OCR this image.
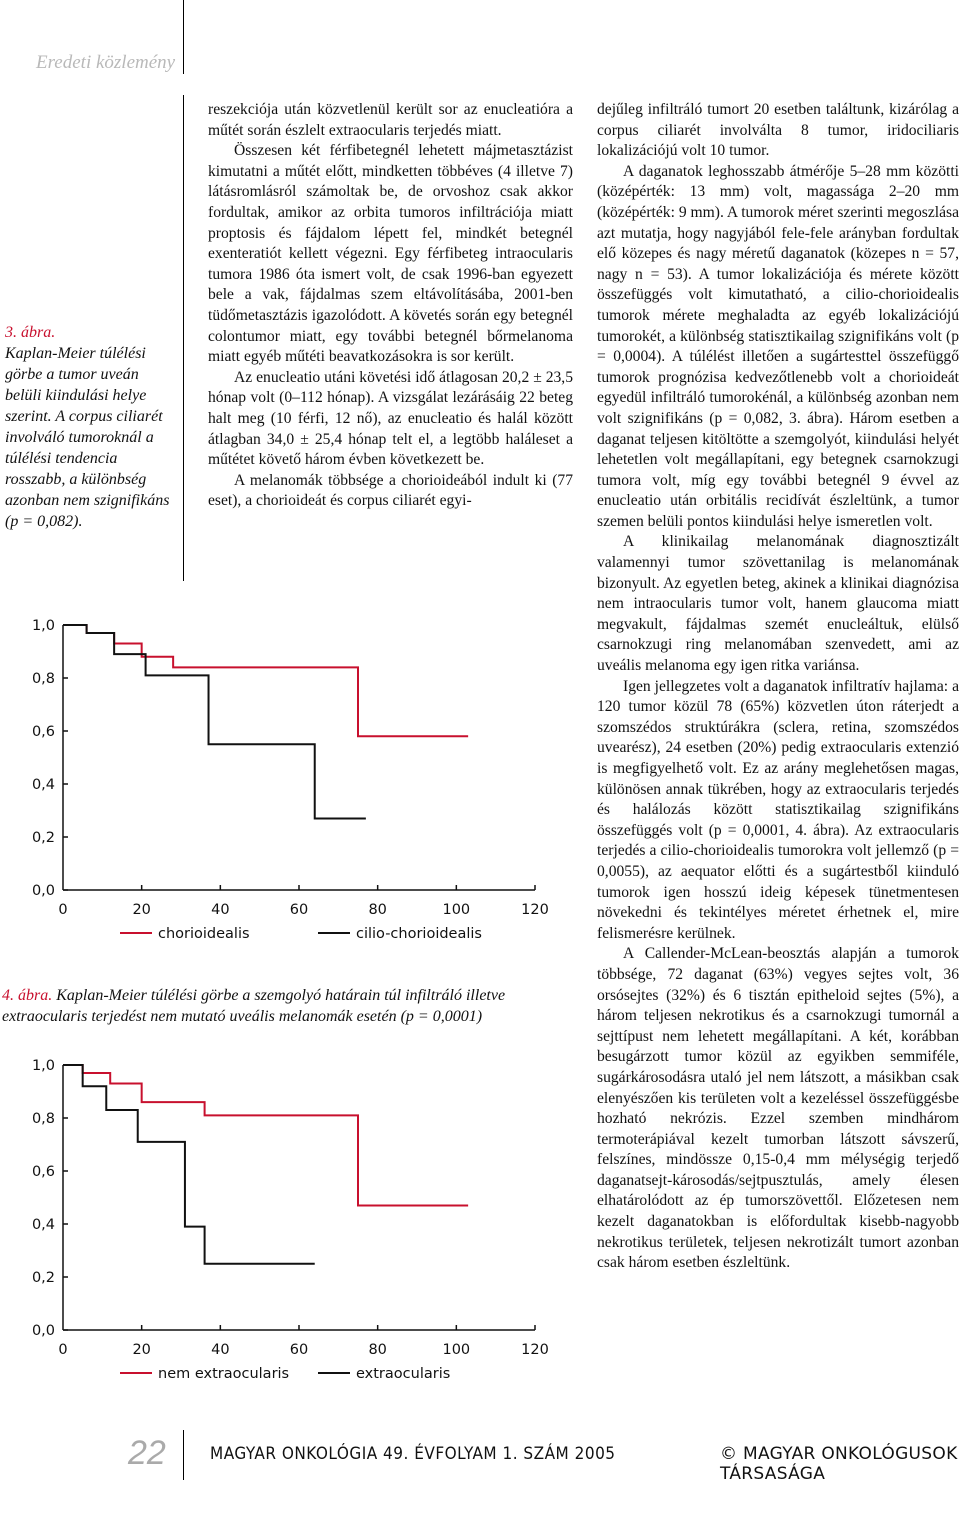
Eredeti közlemény
3. ábra.
Kaplan-Meier túlélési görbe a tumor uveán belüli kiindulási helye szerint. A corpus ciliarét involváló tumoroknál a túlélési tendencia rosszabb, a különbség azonban nem szignifikáns (p = 0,082).

reszekciója után közvetlenül került sor az enucleatióra a műtét során észlelt extraocularis terjedés miatt.

Összesen két férfibetegnél lehetett májmetasztázist kimutatni a műtét előtt, mindketten többéves (4 illetve 7) látásromlásról számoltak be, de orvoshoz csak akkor fordultak, amikor az orbita tumoros infiltrációja miatt proptosis és fájdalom lépett fel, mindkét betegnél exenteratiót kellett végezni. Egy férfibeteg intraocularis tumora 1986 óta ismert volt, de csak 1996-ban egyezett bele a vak, fájdalmas szem eltávolításába, 2001-ben tüdőmetasztázis igazolódott. A követés során egy betegnél colontumor miatt, egy további betegnél bőrmelanoma miatt egyéb műtéti beavatkozásokra is sor került.

Az enucleatio utáni követési idő átlagosan 20,2 ± 23,5 hónap volt (0–112 hónap). A vizsgálat lezárásáig 22 beteg halt meg (10 férfi, 12 nő), az enucleatio és halál között átlagban 34,0 ± 25,4 hónap telt el, a legtöbb haláleset a műtétet követő három évben következett be.

A melanomák többsége a chorioideából indult ki (77 eset), a chorioideát és corpus ciliarét egyi-

dejűleg infiltráló tumort 20 esetben találtunk, kizárólag a corpus ciliarét involválta 8 tumor, iridociliaris lokalizációjú volt 10 tumor.

A daganatok leghosszabb átmérője 5–28 mm közötti (középérték: 13 mm) volt, magassága 2–20 mm (középérték: 9 mm). A tumorok méret szerinti megoszlása azt mutatja, hogy nagyjából fele-fele arányban fordultak elő közepes és nagy méretű daganatok (közepes n = 57, nagy n = 53). A tumor lokalizációja és mérete között összefüggés volt kimutatható, a cilio-chorioidealis tumorok mérete meghaladta az egyéb lokalizációjú tumorokét, a különbség statisztikailag szignifikáns volt (p = 0,0004). A túlélést illetően a sugártesttel összefüggő tumorok prognózisa kedvezőtlenebb volt a chorioideát egyedül infiltráló tumorokénál, a különbség azonban nem volt szignifikáns (p = 0,082, 3. ábra). Három esetben a daganat teljesen kitöltötte a szemgolyót, kiindulási helyét lehetetlen volt megállapítani, egy betegnek csarnokzugi tumora volt, míg egy további betegnél 9 évvel az enucleatio után orbitális recidívát észleltünk, a tumor szemen belüli pontos kiindulási helye ismeretlen volt.

A klinikailag melanomának diagnosztizált valamennyi tumor szövettanilag is melanomának bizonyult. Az egyetlen beteg, akinek a klinikai diagnózisa nem intraocularis tumor volt, hanem glaucoma miatt megvakult, fájdalmas szemét enucleáltuk, elülső csarnokzugi ring melanomában szenvedett, ami az uveális melanoma egy igen ritka variánsa.

Igen jellegzetes volt a daganatok infiltratív hajlama: a 120 tumor közül 78 (65%) közvetlen úton ráterjedt a szomszédos struktúrákra (sclera, retina, szomszédos uvearész), 24 esetben (20%) pedig extraocularis extenzió is megfigyelhető volt. Ez az arány meglehetősen magas, különösen annak tükrében, hogy az extraocularis terjedés és halálozás között statisztikailag szignifikáns összefüggés volt (p = 0,0001, 4. ábra). Az extraocularis terjedés a cilio-chorioidealis tumorokra volt jellemző (p = 0,0055), az aequator előtti és a sugártestből kiinduló tumorok igen hosszú ideig képesek tünetmentesen növekedni és tekintélyes méretet érhetnek el, mire felismerésre kerülnek.

A Callender-McLean-beosztás alapján a tumorok többsége, 72 daganat (63%) vegyes sejtes volt, 36 orsósejtes (32%) és 6 tisztán epitheloid sejtes (5%), a három teljesen nekrotikus és a csarnokzugi tumornál a sejttípust nem lehetett megállapítani. A két, korábban besugárzott tumor közül az egyikben semmiféle, sugárkárosodásra utaló jel nem látszott, a másikban csak elenyészően kis területen volt a kezeléssel összefüggésbe hozható nekrózis. Ezzel szemben mindhárom termoterápiával kezelt tumorban látszott sávszerű, felszínes, mindössze 0,15-0,4 mm mélységig terjedő daganatsejt-károsodás/sejtpusztulás, amely élesen elhatárolódott az ép tumorszövettől. Előzetesen nem kezelt daganatokban is előfordultak kisebb-nagyobb nekrotikus területek, teljesen nekrotizált tumort azonban csak három esetben észleltünk.

1,0
0,8
0,6
0,4
0,2
0,0
0	20	40	60	80	100	120
chorioidealis	cilio-chorioidealis
4. ábra. Kaplan-Meier túlélési görbe a szemgolyó határain túl infiltráló illetve extraocularis terjedést nem mutató uveális melanomák esetén (p = 0,0001)
1,0
0,8
0,6
0,4
0,2
0,0
0	20	40	60	80	100	120
nem extraocularis	extraocularis
22	MAGYAR ONKOLÓGIA 49. ÉVFOLYAM 1. SZÁM 2005	© MAGYAR ONKOLÓGUSOK TÁRSASÁGA
